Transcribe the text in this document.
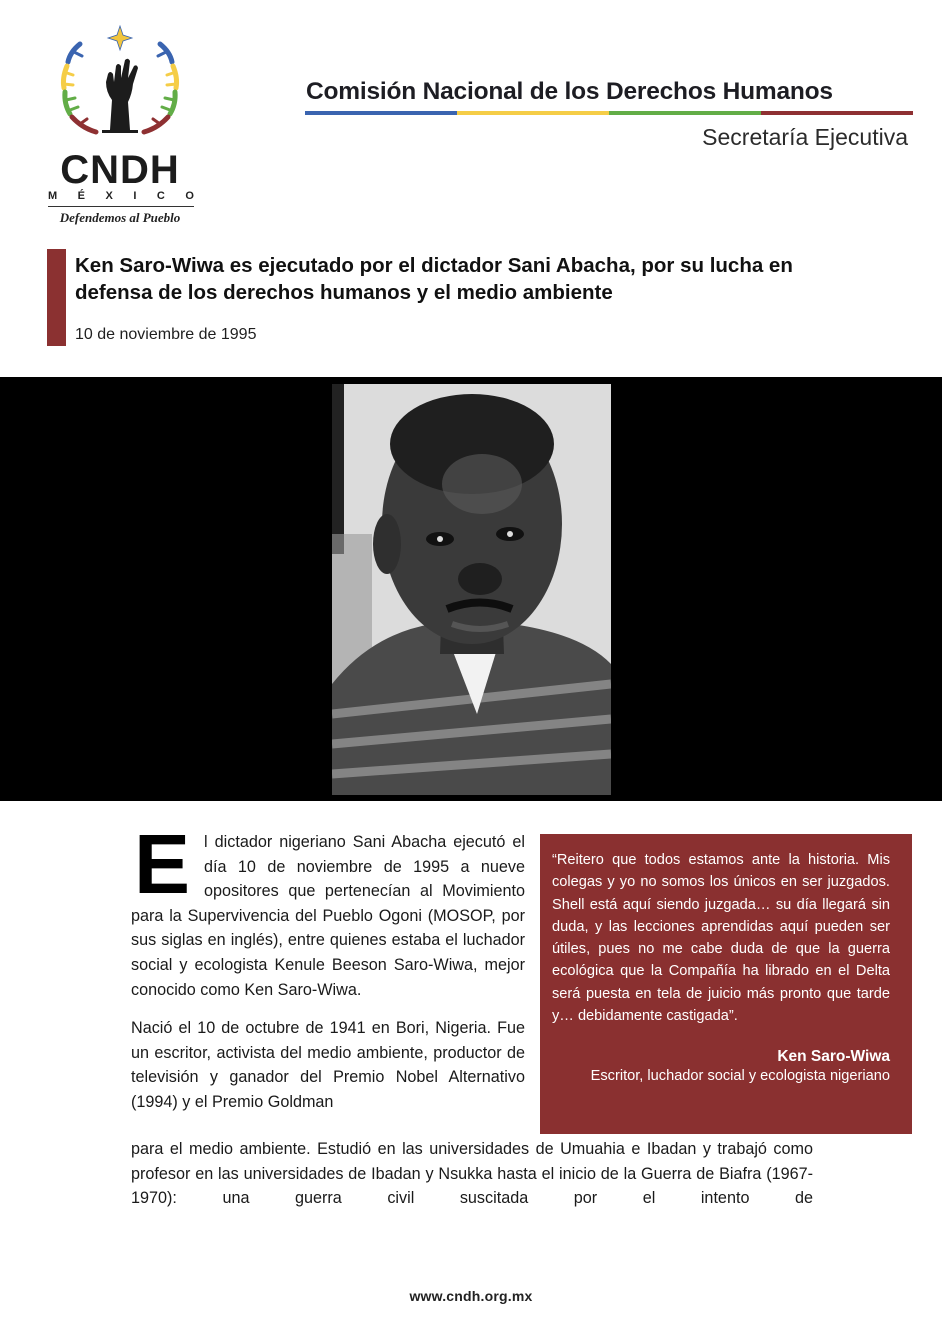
CNDH
M É X I C O
Defendemos al Pueblo
Comisión Nacional de los Derechos Humanos
Secretaría Ejecutiva
Ken Saro-Wiwa es ejecutado por el dictador Sani Abacha, por su lucha en defensa de los derechos humanos y el medio ambiente
10 de noviembre de 1995

El dictador nigeriano Sani Abacha ejecutó el día 10 de noviembre de 1995 a nueve opositores que pertenecían al Movimiento para la Supervivencia del Pueblo Ogoni (MOSOP, por sus siglas en inglés), entre quienes estaba el luchador social y ecologista Kenule Beeson Saro-Wiwa, mejor conocido como Ken Saro-Wiwa.

Nació el 10 de octubre de 1941 en Bori, Nigeria. Fue un escritor, activista del medio ambiente, productor de televisión y ganador del Premio Nobel Alternativo (1994) y el Premio Goldman

para el medio ambiente. Estudió en las universidades de Umuahia e Ibadan y trabajó como profesor en las universidades de Ibadan y Nsukka hasta el inicio de la Guerra de Biafra (1967-1970): una guerra civil suscitada por el intento de

“Reitero que todos estamos ante la historia. Mis colegas y yo no somos los únicos en ser juzgados. Shell está aquí siendo juzgada… su día llegará sin duda, y las lecciones aprendidas aquí pueden ser útiles, pues no me cabe duda de que la guerra ecológica que la Compañía ha librado en el Delta será puesta en tela de juicio más pronto que tarde y… debidamente castigada”.

Ken Saro-Wiwa
Escritor, luchador social y ecologista nigeriano
www.cndh.org.mx
